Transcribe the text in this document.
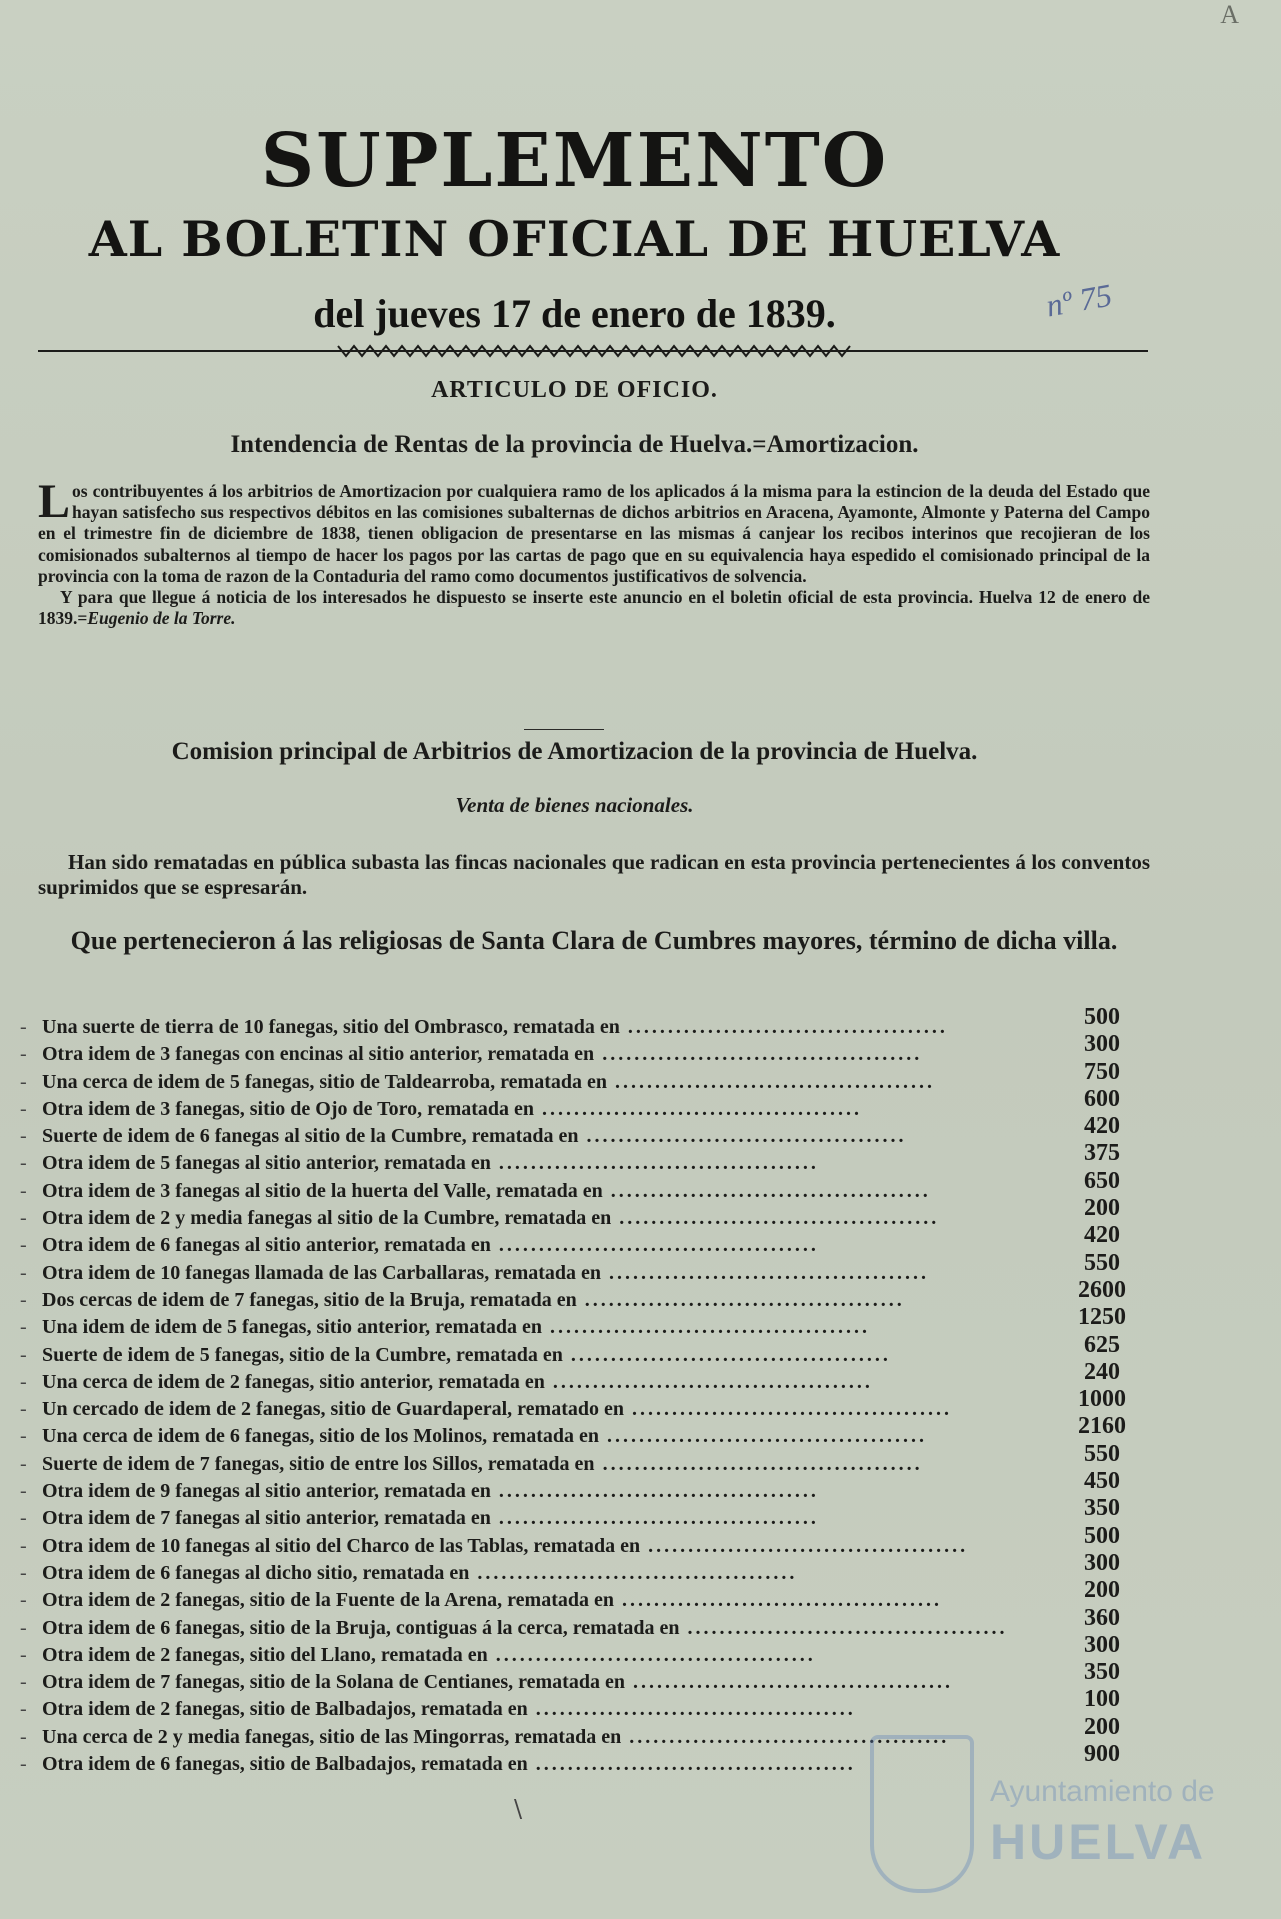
A
nº 75
SUPLEMENTO
AL BOLETIN OFICIAL DE HUELVA
del jueves 17 de enero de 1839.
ARTICULO DE OFICIO.
Intendencia de Rentas de la provincia de Huelva.=Amortizacion.

Los contribuyentes á los arbitrios de Amortizacion por cualquiera ramo de los aplicados á la misma para la estincion de la deuda del Estado que hayan satisfecho sus respectivos débitos en las comisiones subalternas de dichos arbitrios en Aracena, Ayamonte, Almonte y Paterna del Campo en el trimestre fin de diciembre de 1838, tienen obligacion de presentarse en las mismas á canjear los recibos interinos que recojieran de los comisionados subalternos al tiempo de hacer los pagos por las cartas de pago que en su equivalencia haya espedido el comisionado principal de la provincia con la toma de razon de la Contaduria del ramo como documentos justificativos de solvencia.

Y para que llegue á noticia de los interesados he dispuesto se inserte este anuncio en el boletin oficial de esta provincia. Huelva 12 de enero de 1839.=Eugenio de la Torre.

Comision principal de Arbitrios de Amortizacion de la provincia de Huelva.
Venta de bienes nacionales.
Han sido rematadas en pública subasta las fincas nacionales que radican en esta provincia pertenecientes á los conventos suprimidos que se espresarán.
Que pertenecieron á las religiosas de Santa Clara de Cumbres mayores, término de dicha villa.
- Una suerte de tierra de 10 fanegas, sitio del Ombrasco, rematada en ........................................	500
- Otra idem de 3 fanegas con encinas al sitio anterior, rematada en ........................................	300
- Una cerca de idem de 5 fanegas, sitio de Taldearroba, rematada en ........................................	750
- Otra idem de 3 fanegas, sitio de Ojo de Toro, rematada en ........................................	600
- Suerte de idem de 6 fanegas al sitio de la Cumbre, rematada en ........................................	420
- Otra idem de 5 fanegas al sitio anterior, rematada en ........................................	375
- Otra idem de 3 fanegas al sitio de la huerta del Valle, rematada en ........................................	650
- Otra idem de 2 y media fanegas al sitio de la Cumbre, rematada en ........................................	200
- Otra idem de 6 fanegas al sitio anterior, rematada en ........................................	420
- Otra idem de 10 fanegas llamada de las Carballaras, rematada en ........................................	550
- Dos cercas de idem de 7 fanegas, sitio de la Bruja, rematada en ........................................	2600
- Una idem de idem de 5 fanegas, sitio anterior, rematada en ........................................	1250
- Suerte de idem de 5 fanegas, sitio de la Cumbre, rematada en ........................................	625
- Una cerca de idem de 2 fanegas, sitio anterior, rematada en ........................................	240
- Un cercado de idem de 2 fanegas, sitio de Guardaperal, rematado en ........................................	1000
- Una cerca de idem de 6 fanegas, sitio de los Molinos, rematada en ........................................	2160
- Suerte de idem de 7 fanegas, sitio de entre los Sillos, rematada en ........................................	550
- Otra idem de 9 fanegas al sitio anterior, rematada en ........................................	450
- Otra idem de 7 fanegas al sitio anterior, rematada en ........................................	350
- Otra idem de 10 fanegas al sitio del Charco de las Tablas, rematada en ........................................	500
- Otra idem de 6 fanegas al dicho sitio, rematada en ........................................	300
- Otra idem de 2 fanegas, sitio de la Fuente de la Arena, rematada en ........................................	200
- Otra idem de 6 fanegas, sitio de la Bruja, contiguas á la cerca, rematada en ........................................	360
- Otra idem de 2 fanegas, sitio del Llano, rematada en ........................................	300
- Otra idem de 7 fanegas, sitio de la Solana de Centianes, rematada en ........................................	350
- Otra idem de 2 fanegas, sitio de Balbadajos, rematada en ........................................	100
- Una cerca de 2 y media fanegas, sitio de las Mingorras, rematada en ........................................	200
- Otra idem de 6 fanegas, sitio de Balbadajos, rematada en ........................................	900
\
Ayuntamiento de
HUELVA
